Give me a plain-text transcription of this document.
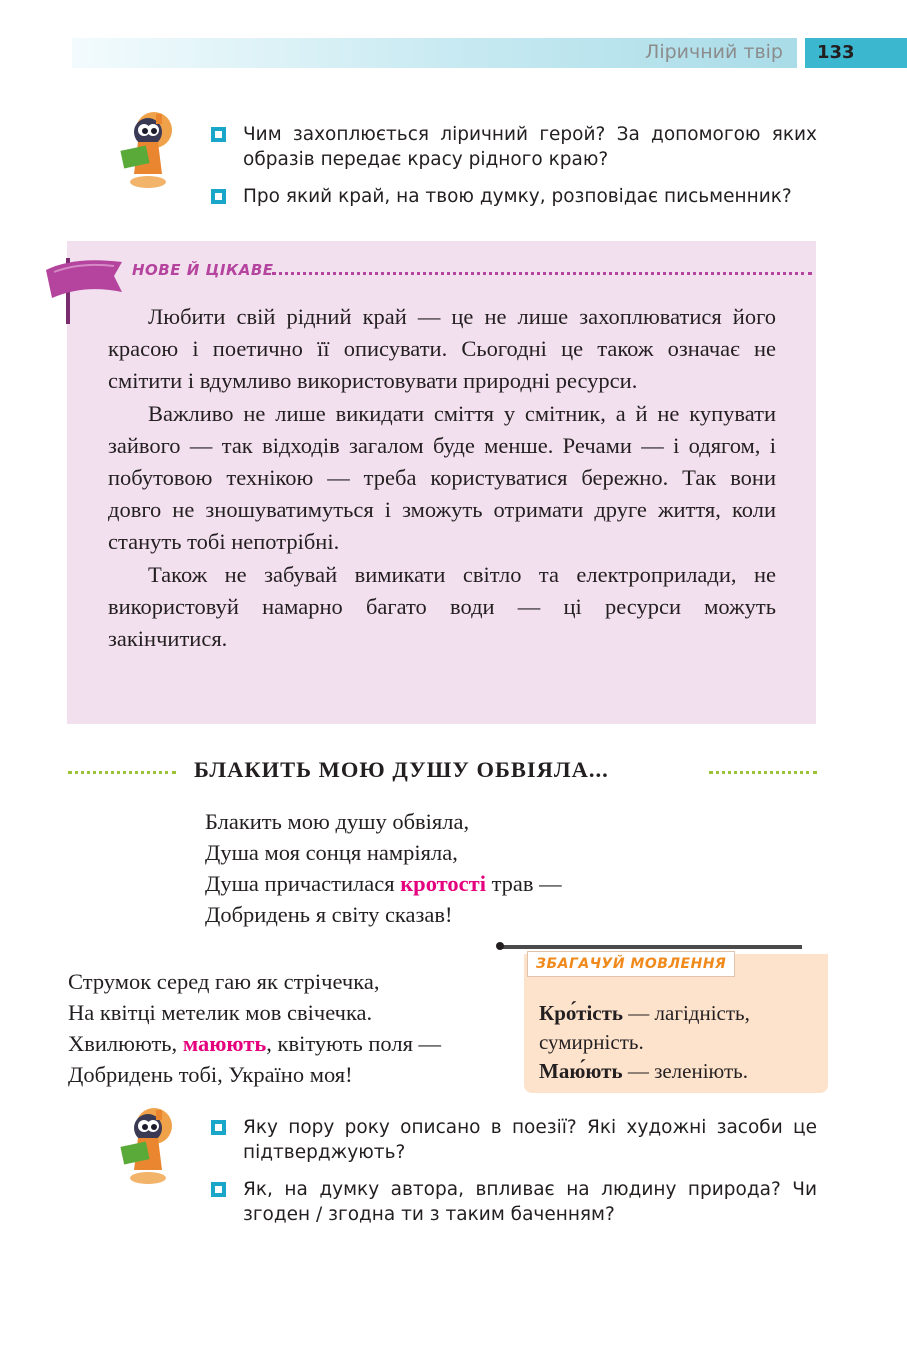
Ліричний твір	133
Чим захоплюється ліричний герой? За допомогою яких образів передає красу рідного краю?
Про який край, на твою думку, розповідає письменник?
НОВЕ Й ЦІКАВЕ

Любити свій рідний край — це не лише захоплюватися його красою і поетично її описувати. Сьогодні це також означає не смітити і вдумливо використовувати природні ресурси.

Важливо не лише викидати сміття у смітник, а й не купувати зайвого — так відходів загалом буде менше. Речами — і одягом, і побутовою технікою — треба користуватися бережно. Так вони довго не зношуватимуться і зможуть отримати друге життя, коли стануть тобі непотрібні.

Також не забувай вимикати світло та електроприлади, не використовуй намарно багато води — ці ресурси можуть закінчитися.

БЛАКИТЬ МОЮ ДУШУ ОБВІЯЛА...
Блакить мою душу обвіяла,
Душа моя сонця намріяла,
Душа причастилася кротості трав —
Добридень я світу сказав!
Струмок серед гаю як стрічечка,
На квітці метелик мов свічечка.
Хвилюють, маюють, квітують поля —
Добридень тобі, Україно моя!
ЗБАГАЧУЙ МОВЛЕННЯ
Кро́тість — лагідність, сумирність.
Маю́ють — зеленіють.
Яку пору року описано в поезії? Які художні засоби це підтверджують?
Як, на думку автора, впливає на людину природа? Чи згоден / згодна ти з таким баченням?
